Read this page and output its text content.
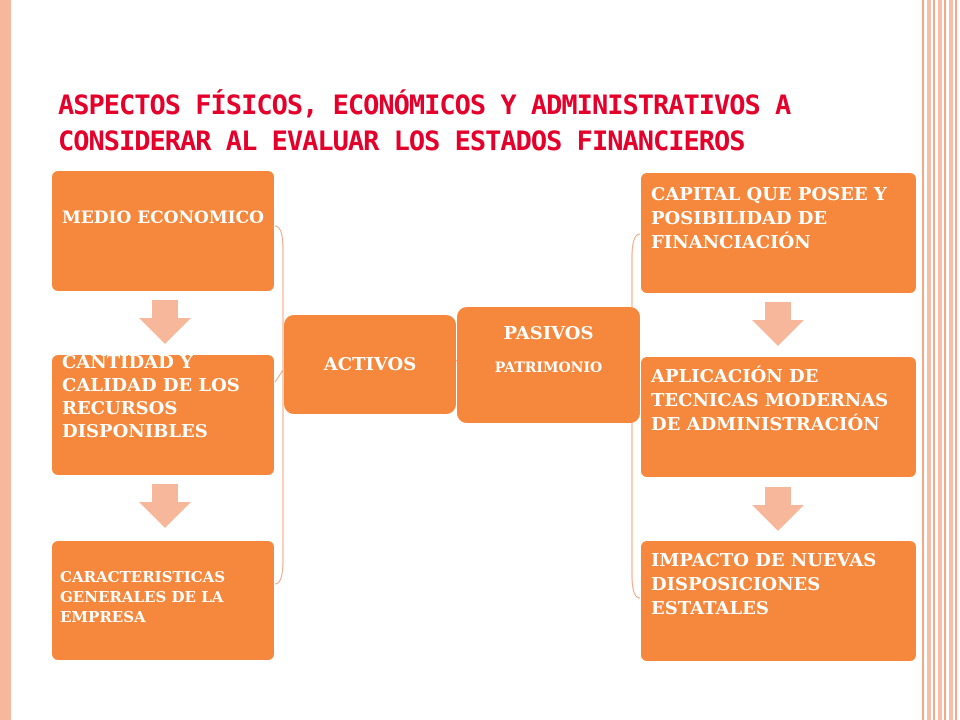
ASPECTOS FÍSICOS, ECONÓMICOS Y ADMINISTRATIVOS A CONSIDERAR AL EVALUAR LOS ESTADOS FINANCIEROS
MEDIO ECONOMICO
CANTIDAD Y CALIDAD DE LOS RECURSOS DISPONIBLES
CARACTERISTICAS GENERALES DE LA EMPRESA
ACTIVOS
PASIVOS
PATRIMONIO
CAPITAL QUE POSEE Y POSIBILIDAD DE FINANCIACIÓN
APLICACIÓN DE TECNICAS MODERNAS DE ADMINISTRACIÓN
IMPACTO DE NUEVAS DISPOSICIONES ESTATALES
